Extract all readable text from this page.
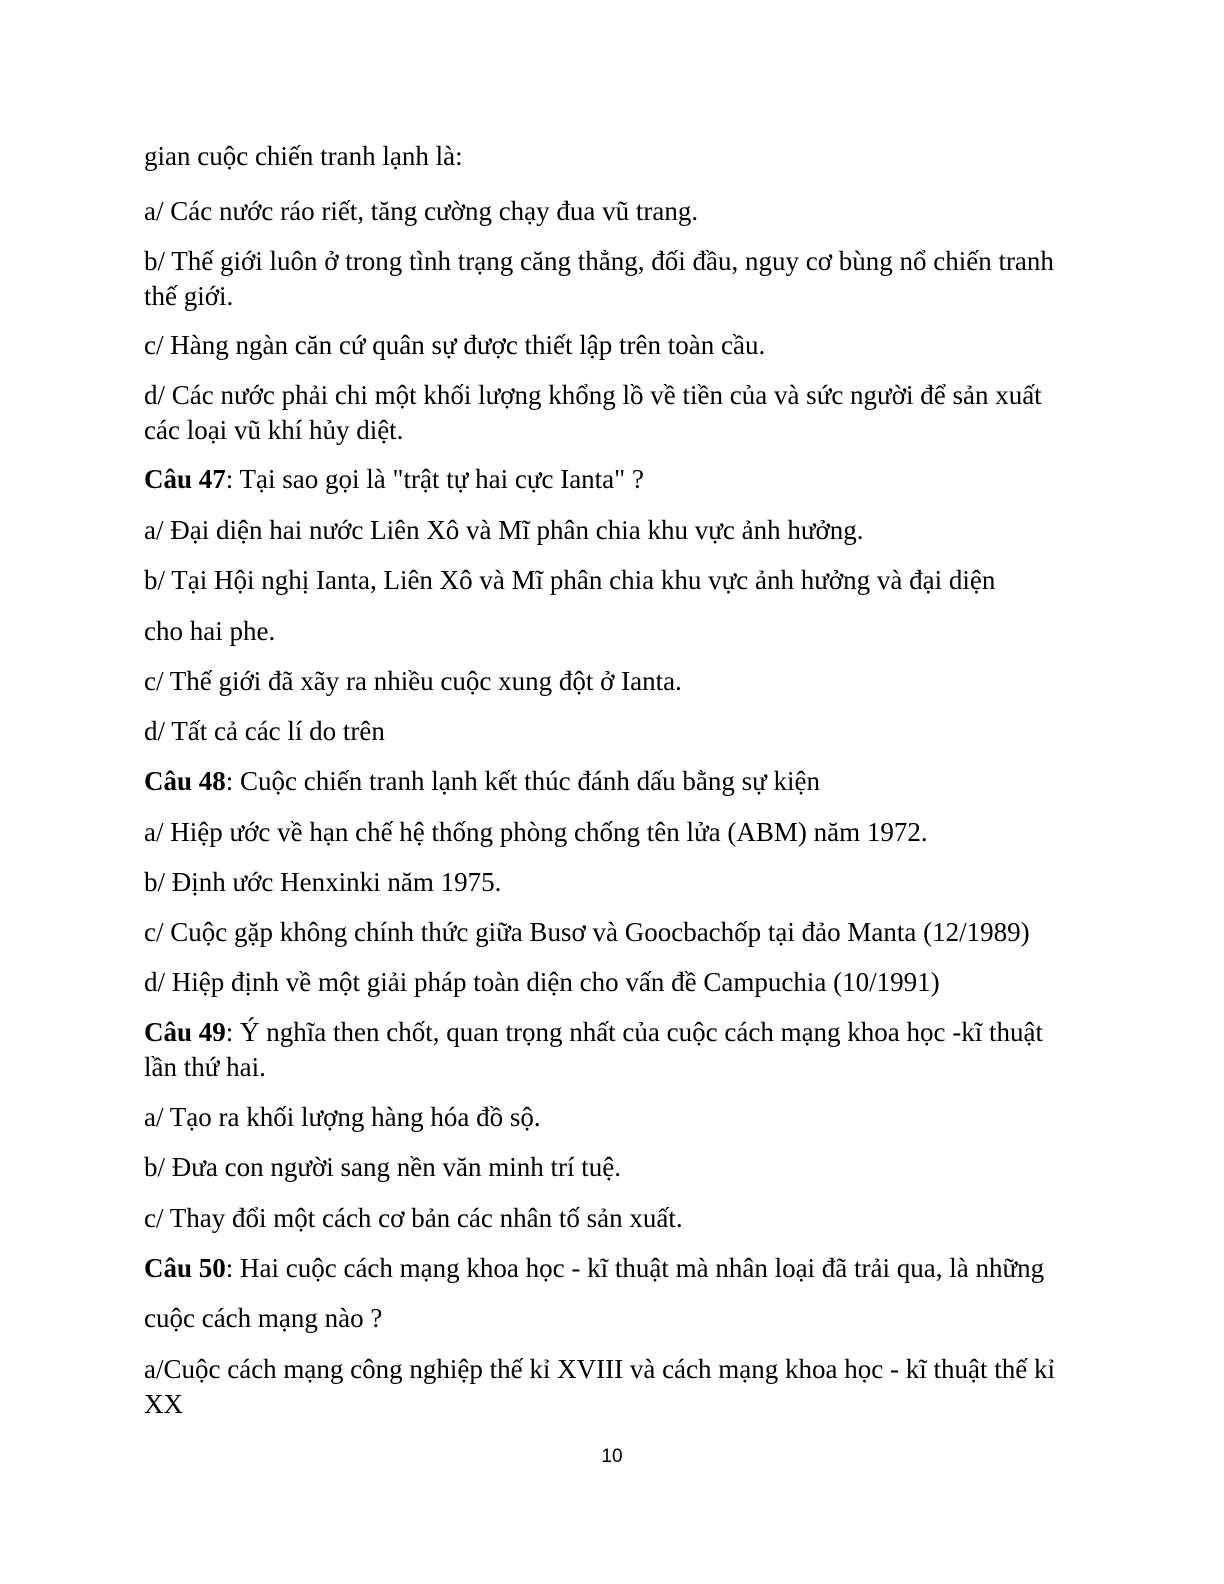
gian cuộc chiến tranh lạnh là:
a/ Các nước ráo riết, tăng cường chạy đua vũ trang.
b/ Thế giới luôn ở trong tình trạng căng thẳng, đối đầu, nguy cơ bùng nổ chiến tranh
thế giới.
c/ Hàng ngàn căn cứ quân sự được thiết lập trên toàn cầu.
d/ Các nước phải chi một khối lượng khổng lồ về tiền của và sức người để sản xuất
các loại vũ khí hủy diệt.
Câu 47: Tại sao gọi là "trật tự hai cực Ianta" ?
a/ Đại diện hai nước Liên Xô và Mĩ phân chia khu vực ảnh hưởng.
b/ Tại Hội nghị Ianta, Liên Xô và Mĩ phân chia khu vực ảnh hưởng và đại diện
cho hai phe.
c/ Thế giới đã xãy ra nhiều cuộc xung đột ở Ianta.
d/ Tất cả các lí do trên
Câu 48: Cuộc chiến tranh lạnh kết thúc đánh dấu bằng sự kiện
a/ Hiệp ước về hạn chế hệ thống phòng chống tên lửa (ABM) năm 1972.
b/ Định ước Henxinki năm 1975.
c/ Cuộc gặp không chính thức giữa Busơ và Goocbachốp tại đảo Manta (12/1989)
d/ Hiệp định về một giải pháp toàn diện cho vấn đề Campuchia (10/1991)
Câu 49: Ý nghĩa then chốt, quan trọng nhất của cuộc cách mạng khoa học -kĩ thuật
lần thứ hai.
a/ Tạo ra khối lượng hàng hóa đồ sộ.
b/ Đưa con người sang nền văn minh trí tuệ.
c/ Thay đổi một cách cơ bản các nhân tố sản xuất.
Câu 50: Hai cuộc cách mạng khoa học - kĩ thuật mà nhân loại đã trải qua, là những
cuộc cách mạng nào ?
a/Cuộc cách mạng công nghiệp thế kỉ XVIII và cách mạng khoa học - kĩ thuật thế kỉ
XX
10
